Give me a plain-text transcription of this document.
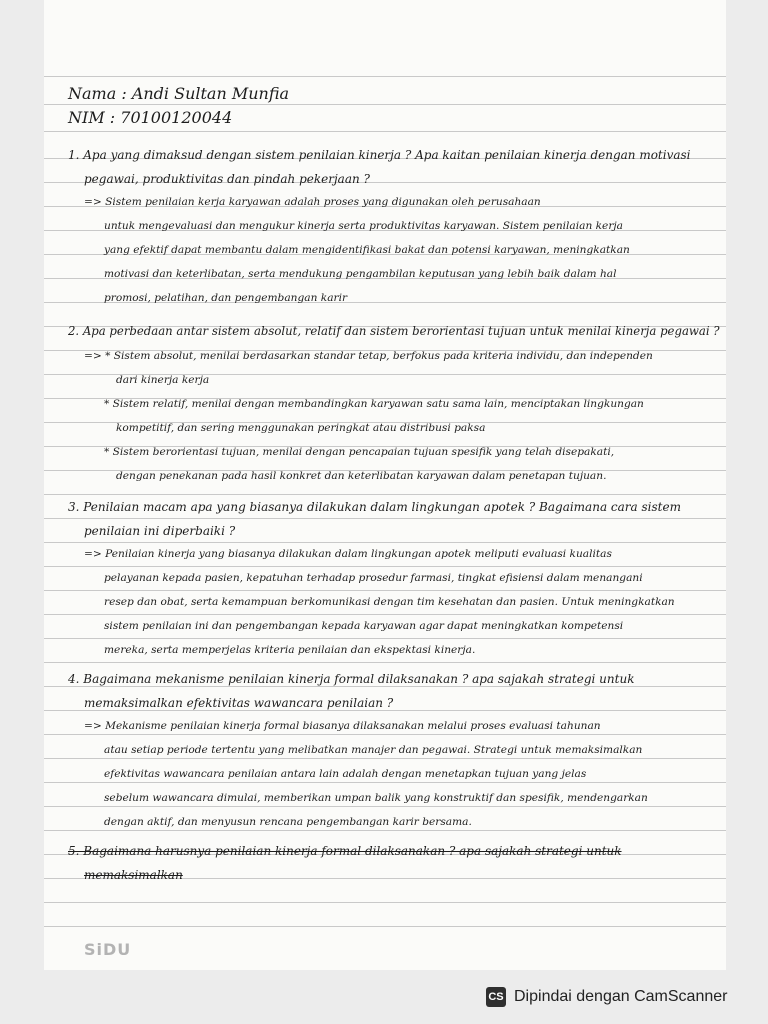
Nama : Andi Sultan Munfia
NIM : 70100120044
1. Apa yang dimaksud dengan sistem penilaian kinerja ? Apa kaitan penilaian kinerja dengan motivasi
pegawai, produktivitas dan pindah pekerjaan ?
=> Sistem penilaian kerja karyawan adalah proses yang digunakan oleh perusahaan
untuk mengevaluasi dan mengukur kinerja serta produktivitas karyawan. Sistem penilaian kerja
yang efektif dapat membantu dalam mengidentifikasi bakat dan potensi karyawan, meningkatkan
motivasi dan keterlibatan, serta mendukung pengambilan keputusan yang lebih baik dalam hal
promosi, pelatihan, dan pengembangan karir
2. Apa perbedaan antar sistem absolut, relatif dan sistem berorientasi tujuan untuk menilai kinerja pegawai ?
=> * Sistem absolut, menilai berdasarkan standar tetap, berfokus pada kriteria individu, dan independen
dari kinerja kerja
* Sistem relatif, menilai dengan membandingkan karyawan satu sama lain, menciptakan lingkungan
kompetitif, dan sering menggunakan peringkat atau distribusi paksa
* Sistem berorientasi tujuan, menilai dengan pencapaian tujuan spesifik yang telah disepakati,
dengan penekanan pada hasil konkret dan keterlibatan karyawan dalam penetapan tujuan.
3. Penilaian macam apa yang biasanya dilakukan dalam lingkungan apotek ? Bagaimana cara sistem
penilaian ini diperbaiki ?
=> Penilaian kinerja yang biasanya dilakukan dalam lingkungan apotek meliputi evaluasi kualitas
pelayanan kepada pasien, kepatuhan terhadap prosedur farmasi, tingkat efisiensi dalam menangani
resep dan obat, serta kemampuan berkomunikasi dengan tim kesehatan dan pasien. Untuk meningkatkan
sistem penilaian ini dan pengembangan kepada karyawan agar dapat meningkatkan kompetensi
mereka, serta memperjelas kriteria penilaian dan ekspektasi kinerja.
4. Bagaimana mekanisme penilaian kinerja formal dilaksanakan ? apa sajakah strategi untuk
memaksimalkan efektivitas wawancara penilaian ?
=> Mekanisme penilaian kinerja formal biasanya dilaksanakan melalui proses evaluasi tahunan
atau setiap periode tertentu yang melibatkan manajer dan pegawai. Strategi untuk memaksimalkan
efektivitas wawancara penilaian antara lain adalah dengan menetapkan tujuan yang jelas
sebelum wawancara dimulai, memberikan umpan balik yang konstruktif dan spesifik, mendengarkan
dengan aktif, dan menyusun rencana pengembangan karir bersama.
5. Bagaimana harusnya penilaian kinerja formal dilaksanakan ? apa sajakah strategi untuk
memaksimalkan
SiDU
CS Dipindai dengan CamScanner
